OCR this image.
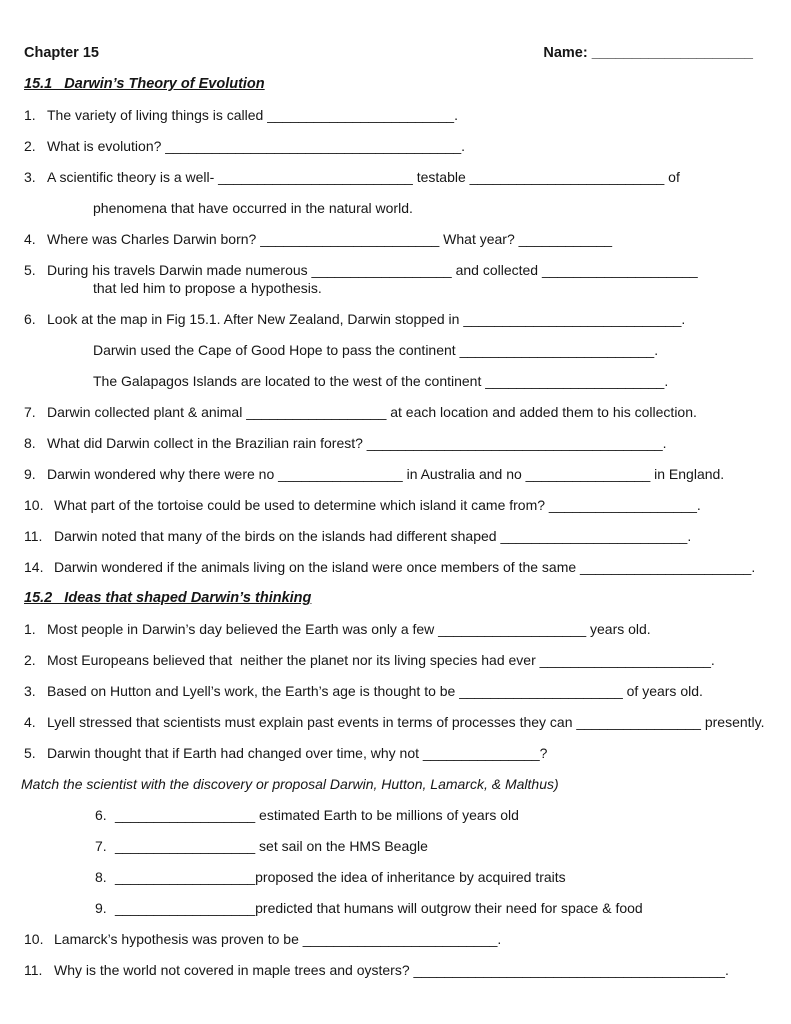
Chapter 15	Name: ____________________
15.1   Darwin’s Theory of Evolution
1. The variety of living things is called ________________________.
2. What is evolution? ______________________________________.
3. A scientific theory is a well- _________________________ testable _________________________ of
phenomena that have occurred in the natural world.
4. Where was Charles Darwin born? _______________________ What year? ____________
5. During his travels Darwin made numerous __________________ and collected ____________________
that led him to propose a hypothesis.
6. Look at the map in Fig 15.1. After New Zealand, Darwin stopped in ____________________________.
Darwin used the Cape of Good Hope to pass the continent _________________________.
The Galapagos Islands are located to the west of the continent _______________________.
7. Darwin collected plant & animal __________________ at each location and added them to his collection.
8. What did Darwin collect in the Brazilian rain forest? ______________________________________.
9. Darwin wondered why there were no ________________ in Australia and no ________________ in England.
10. What part of the tortoise could be used to determine which island it came from? ___________________.
11. Darwin noted that many of the birds on the islands had different shaped ________________________.
14. Darwin wondered if the animals living on the island were once members of the same ______________________.
15.2   Ideas that shaped Darwin’s thinking
1. Most people in Darwin’s day believed the Earth was only a few ___________________ years old.
2. Most Europeans believed that  neither the planet nor its living species had ever ______________________.
3. Based on Hutton and Lyell’s work, the Earth’s age is thought to be _____________________ of years old.
4. Lyell stressed that scientists must explain past events in terms of processes they can ________________ presently.
5. Darwin thought that if Earth had changed over time, why not _______________?
Match the scientist with the discovery or proposal Darwin, Hutton, Lamarck, & Malthus)
6. __________________ estimated Earth to be millions of years old
7. __________________ set sail on the HMS Beagle
8. __________________proposed the idea of inheritance by acquired traits
9. __________________predicted that humans will outgrow their need for space & food
10. Lamarck’s hypothesis was proven to be _________________________.
11. Why is the world not covered in maple trees and oysters? ________________________________________.
